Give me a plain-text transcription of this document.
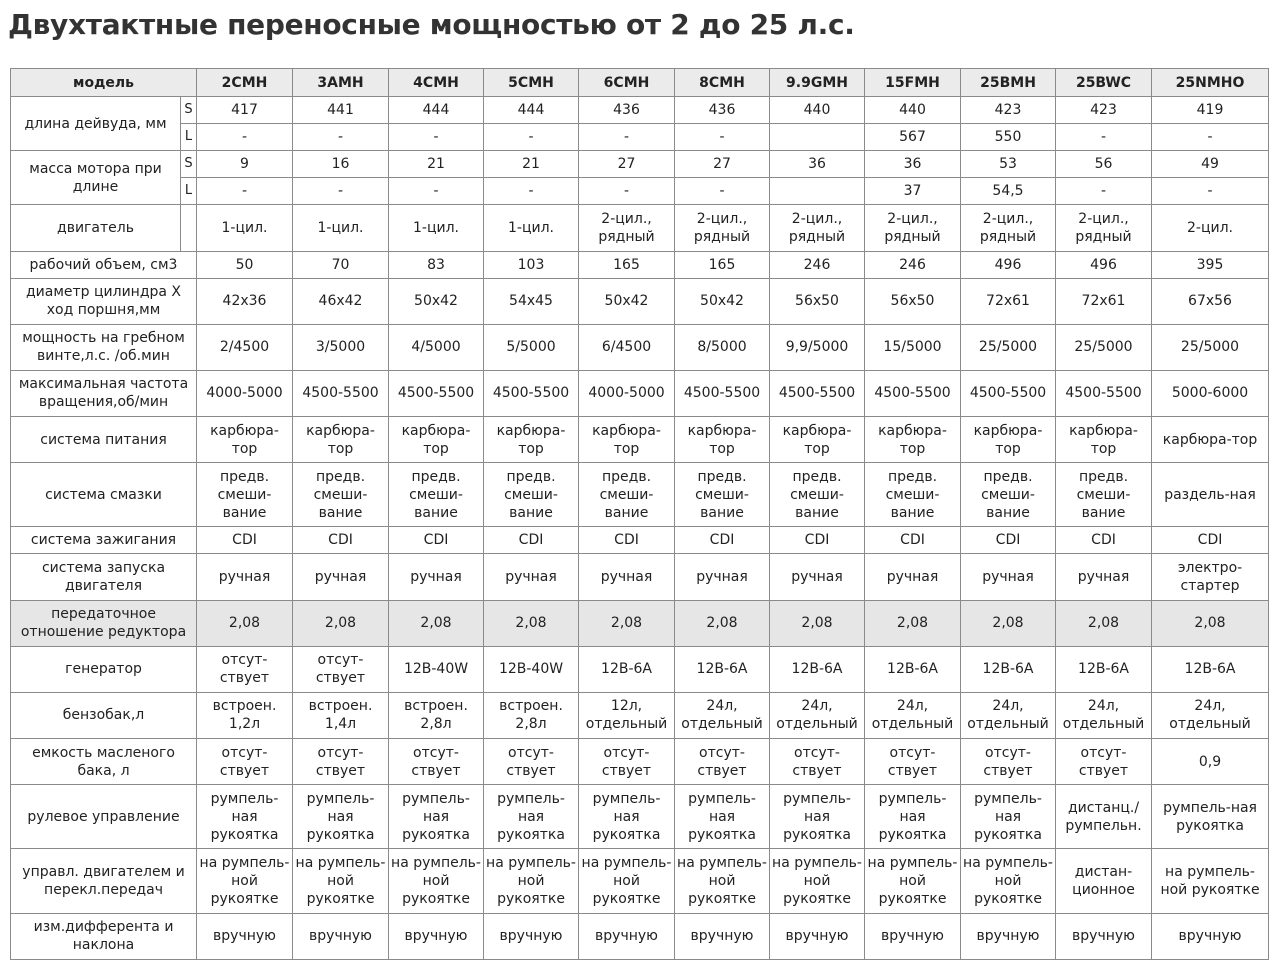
Двухтактные переносные мощностью от 2 до 25 л.с.
модель		2CMH	3AMH	4CMH	5CMH	6CMH	8CMH	9.9GMH	15FMH	25BMH	25BWC	25NMHO
длина дейвуда, мм	S	417	441	444	444	436	436	440	440	423	423	419
	L	-	-	-	-	-	-		567	550	-	-
масса мотора при длине	S	9	16	21	21	27	27	36	36	53	56	49
	L	-	-	-	-	-	-		37	54,5	-	-
двигатель		1-цил.	1-цил.	1-цил.	1-цил.	2-цил., рядный	2-цил., рядный	2-цил., рядный	2-цил., рядный	2-цил., рядный	2-цил., рядный	2-цил.
рабочий объем, см3		50	70	83	103	165	165	246	246	496	496	395
диаметр цилиндра X ход поршня,мм		42x36	46x42	50x42	54x45	50x42	50x42	56x50	56x50	72x61	72x61	67x56
мощность на гребном винте,л.с. /об.мин		2/4500	3/5000	4/5000	5/5000	6/4500	8/5000	9,9/5000	15/5000	25/5000	25/5000	25/5000
максимальная частота вращения,об/мин		4000-5000	4500-5500	4500-5500	4500-5500	4000-5000	4500-5500	4500-5500	4500-5500	4500-5500	4500-5500	5000-6000
система питания		карбюра-тор	карбюра-тор	карбюра-тор	карбюра-тор	карбюра-тор	карбюра-тор	карбюра-тор	карбюра-тор	карбюра-тор	карбюра-тор	карбюра-тор
система смазки		предв. смеши-вание	предв. смеши-вание	предв. смеши-вание	предв. смеши-вание	предв. смеши-вание	предв. смеши-вание	предв. смеши-вание	предв. смеши-вание	предв. смеши-вание	предв. смеши-вание	раздель-ная
система зажигания		CDI	CDI	CDI	CDI	CDI	CDI	CDI	CDI	CDI	CDI	CDI
система запуска двигателя		ручная	ручная	ручная	ручная	ручная	ручная	ручная	ручная	ручная	ручная	электро-стартер
передаточное отношение редуктора		2,08	2,08	2,08	2,08	2,08	2,08	2,08	2,08	2,08	2,08	2,08
генератор		отсут-ствует	отсут-ствует	12В-40W	12В-40W	12В-6А	12В-6А	12В-6А	12В-6А	12В-6А	12В-6А	12В-6А
бензобак,л		встроен. 1,2л	встроен. 1,4л	встроен. 2,8л	встроен. 2,8л	12л, отдельный	24л, отдельный	24л, отдельный	24л, отдельный	24л, отдельный	24л, отдельный	24л, отдельный
емкость масленого бака, л		отсут-ствует	отсут-ствует	отсут-ствует	отсут-ствует	отсут-ствует	отсут-ствует	отсут-ствует	отсут-ствует	отсут-ствует	отсут-ствует	0,9
рулевое управление		румпель-ная рукоятка	румпель-ная рукоятка	румпель-ная рукоятка	румпель-ная рукоятка	румпель-ная рукоятка	румпель-ная рукоятка	румпель-ная рукоятка	румпель-ная рукоятка	румпель-ная рукоятка	дистанц./ румпельн.	румпель-ная рукоятка
управл. двигателем и перекл.передач		на румпель-ной рукоятке	на румпель-ной рукоятке	на румпель-ной рукоятке	на румпель-ной рукоятке	на румпель-ной рукоятке	на румпель-ной рукоятке	на румпель-ной рукоятке	на румпель-ной рукоятке	на румпель-ной рукоятке	дистан-ционное	на румпель-ной рукоятке
изм.дифферента и наклона		вручную	вручную	вручную	вручную	вручную	вручную	вручную	вручную	вручную	вручную	вручную
